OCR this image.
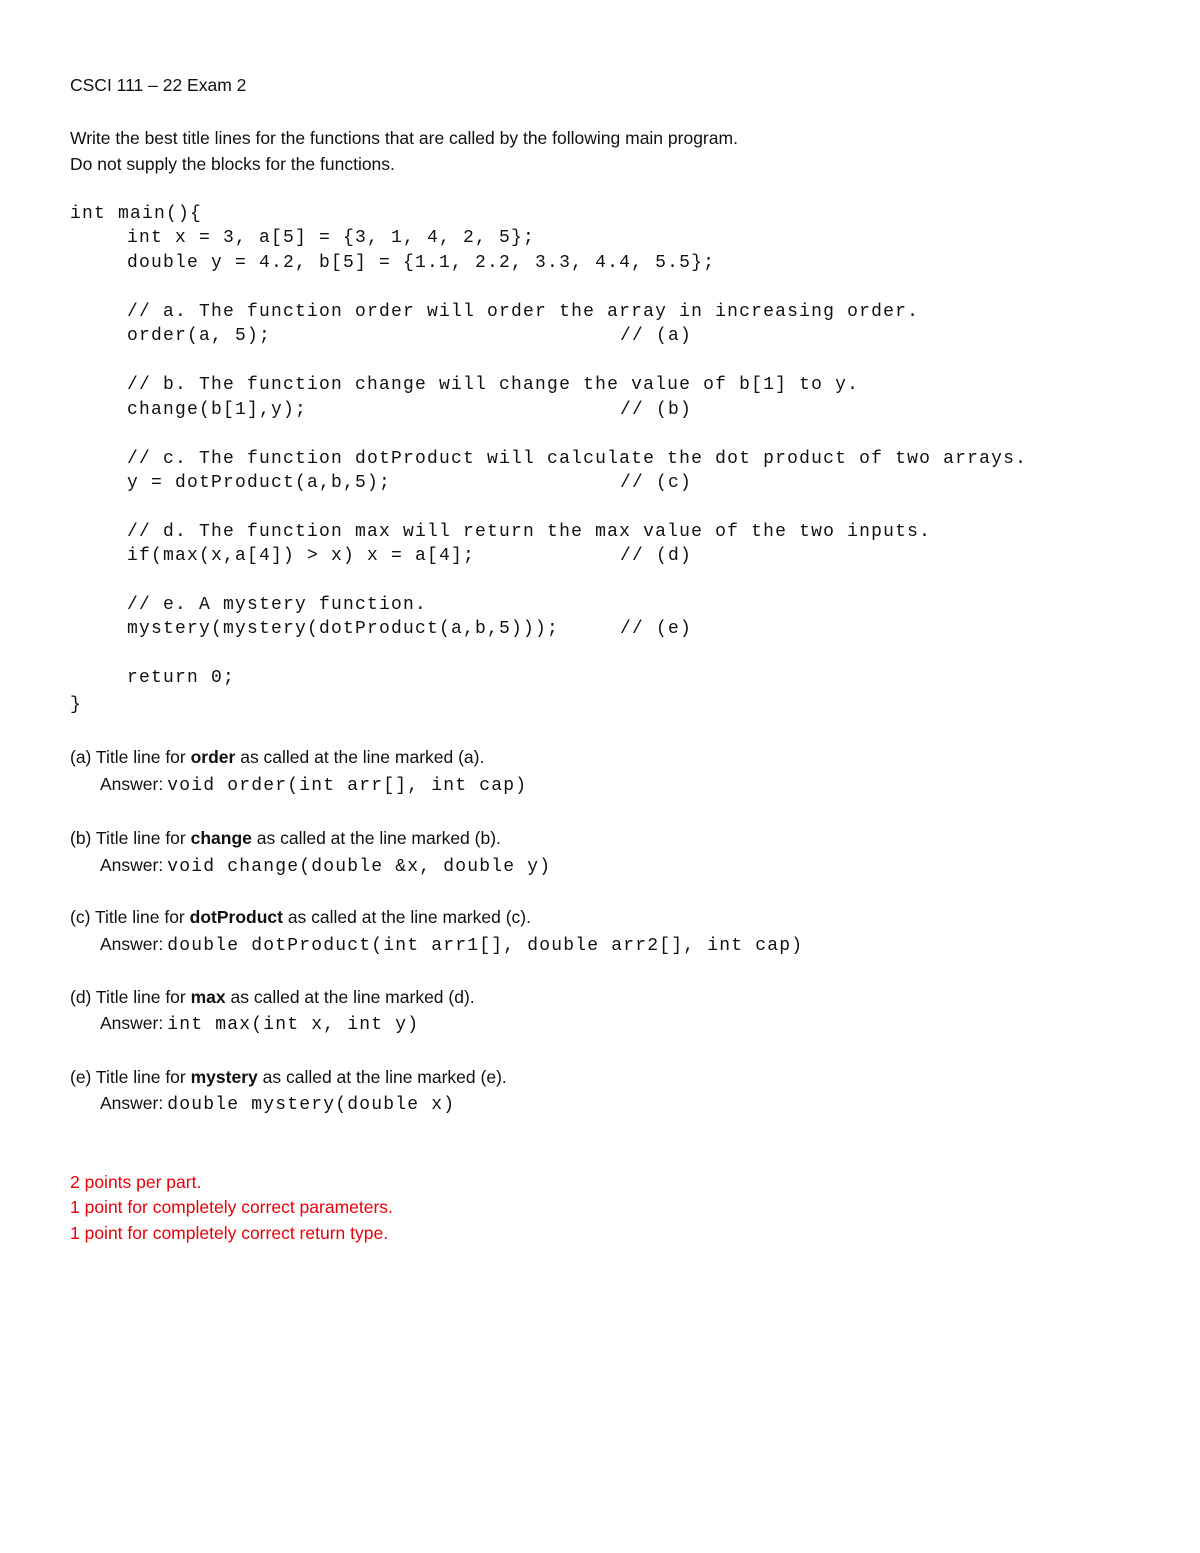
CSCI 111 – 22 Exam 2
Write the best title lines for the functions that are called by the following main program.
Do not supply the blocks for the functions.
int main(){
int x = 3, a[5] = {3, 1, 4, 2, 5};
double y = 4.2, b[5] = {1.1, 2.2, 3.3, 4.4, 5.5};
// a. The function order will order the array in increasing order.
order(a, 5);	// (a)
// b. The function change will change the value of b[1] to y.
change(b[1],y);	// (b)
// c. The function dotProduct will calculate the dot product of two arrays.
y = dotProduct(a,b,5);	// (c)
// d. The function max will return the max value of the two inputs.
if(max(x,a[4]) > x) x = a[4];	// (d)
// e. A mystery function.
mystery(mystery(dotProduct(a,b,5)));	// (e)
return 0;
}
(a) Title line for order as called at the line marked (a).
Answer: void order(int arr[], int cap)
(b) Title line for change as called at the line marked (b).
Answer: void change(double &x, double y)
(c) Title line for dotProduct as called at the line marked (c).
Answer: double dotProduct(int arr1[], double arr2[], int cap)
(d) Title line for max as called at the line marked (d).
Answer: int max(int x, int y)
(e) Title line for mystery as called at the line marked (e).
Answer: double mystery(double x)
2 points per part.
1 point for completely correct parameters.
1 point for completely correct return type.
